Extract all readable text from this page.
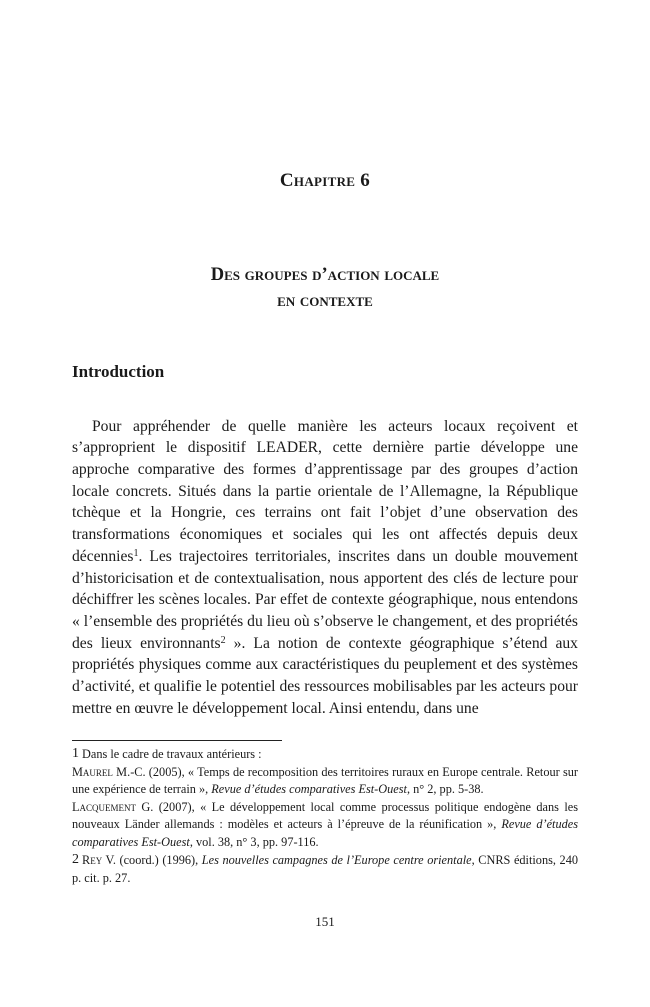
Chapitre 6
Des groupes d’action locale
en contexte
Introduction

Pour appréhender de quelle manière les acteurs locaux reçoivent et s’approprient le dispositif LEADER, cette dernière partie développe une approche comparative des formes d’apprentissage par des groupes d’action locale concrets. Situés dans la partie orientale de l’Allemagne, la République tchèque et la Hongrie, ces terrains ont fait l’objet d’une observation des transformations économiques et sociales qui les ont affectés depuis deux décennies$^1$. Les trajectoires territoriales, inscrites dans un double mouvement d’historicisation et de contextualisation, nous apportent des clés de lecture pour déchiffrer les scènes locales. Par effet de contexte géographique, nous entendons « l’ensemble des propriétés du lieu où s’observe le changement, et des propriétés des lieux environnants$^2$ ». La notion de contexte géographique s’étend aux propriétés physiques comme aux caractéristiques du peuplement et des systèmes d’activité, et qualifie le potentiel des ressources mobilisables par les acteurs pour mettre en œuvre le développement local. Ainsi entendu, dans une

1 Dans le cadre de travaux antérieurs :

Maurel M.-C. (2005), « Temps de recomposition des territoires ruraux en Europe centrale. Retour sur une expérience de terrain », Revue d’études comparatives Est-Ouest, n° 2, pp. 5-38.

Lacquement G. (2007), « Le développement local comme processus politique endogène dans les nouveaux Länder allemands : modèles et acteurs à l’épreuve de la réunification », Revue d’études comparatives Est-Ouest, vol. 38, n° 3, pp. 97-116.

2 Rey V. (coord.) (1996), Les nouvelles campagnes de l’Europe centre orientale, CNRS éditions, 240 p. cit. p. 27.

151
